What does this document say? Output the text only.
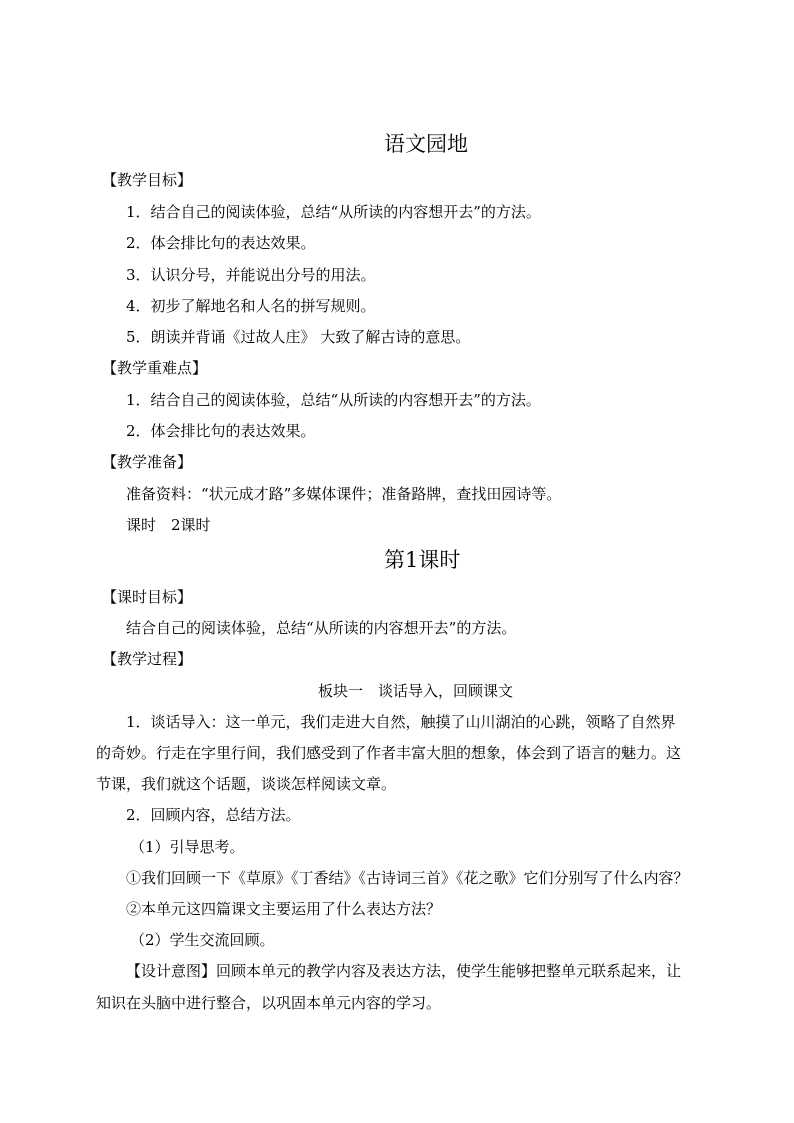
语文园地
【教学目标】
1．结合自己的阅读体验，总结“从所读的内容想开去”的方法。
2．体会排比句的表达效果。
3．认识分号，并能说出分号的用法。
4．初步了解地名和人名的拼写规则。
5．朗读并背诵《过故人庄》 大致了解古诗的意思。
【教学重难点】
1．结合自己的阅读体验，总结“从所读的内容想开去”的方法。
2．体会排比句的表达效果。
【教学准备】
准备资料：“状元成才路”多媒体课件；准备路牌，查找田园诗等。
课时　2课时
第1课时
【课时目标】
结合自己的阅读体验，总结“从所读的内容想开去”的方法。
【教学过程】
板块一　谈话导入，回顾课文
1．谈话导入：这一单元，我们走进大自然，触摸了山川湖泊的心跳，领略了自然界
的奇妙。行走在字里行间，我们感受到了作者丰富大胆的想象，体会到了语言的魅力。这
节课，我们就这个话题，谈谈怎样阅读文章。
2．回顾内容，总结方法。
（1）引导思考。
①我们回顾一下《草原》《丁香结》《古诗词三首》《花之歌》它们分别写了什么内容？
②本单元这四篇课文主要运用了什么表达方法？
（2）学生交流回顾。
【设计意图】回顾本单元的教学内容及表达方法，使学生能够把整单元联系起来，让
知识在头脑中进行整合，以巩固本单元内容的学习。
